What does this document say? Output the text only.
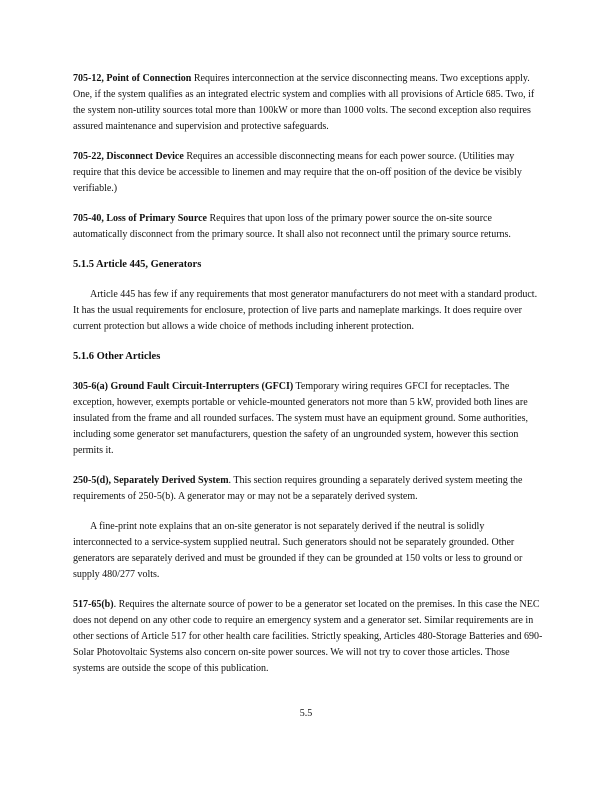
705-12, Point of Connection Requires interconnection at the service disconnecting means. Two exceptions apply. One, if the system qualifies as an integrated electric system and complies with all provisions of Article 685. Two, if the system non-utility sources total more than 100kW or more than 1000 volts. The second exception also requires assured maintenance and supervision and protective safeguards.

705-22, Disconnect Device Requires an accessible disconnecting means for each power source. (Utilities may require that this device be accessible to linemen and may require that the on-off position of the device be visibly verifiable.)

705-40, Loss of Primary Source Requires that upon loss of the primary power source the on-site source automatically disconnect from the primary source. It shall also not reconnect until the primary source returns.

5.1.5 Article 445, Generators

Article 445 has few if any requirements that most generator manufacturers do not meet with a standard product. It has the usual requirements for enclosure, protection of live parts and nameplate markings. It does require over current protection but allows a wide choice of methods including inherent protection.

5.1.6 Other Articles

305-6(a) Ground Fault Circuit-Interrupters (GFCI) Temporary wiring requires GFCI for receptacles. The exception, however, exempts portable or vehicle-mounted generators not more than 5 kW, provided both lines are insulated from the frame and all rounded surfaces. The system must have an equipment ground. Some authorities, including some generator set manufacturers, question the safety of an ungrounded system, however this section permits it.

250-5(d), Separately Derived System. This section requires grounding a separately derived system meeting the requirements of 250-5(b). A generator may or may not be a separately derived system.

A fine-print note explains that an on-site generator is not separately derived if the neutral is solidly interconnected to a service-system supplied neutral. Such generators should not be separately grounded. Other generators are separately derived and must be grounded if they can be grounded at 150 volts or less to ground or supply 480/277 volts.

517-65(b). Requires the alternate source of power to be a generator set located on the premises. In this case the NEC does not depend on any other code to require an emergency system and a generator set. Similar requirements are in other sections of Article 517 for other health care facilities. Strictly speaking, Articles 480-Storage Batteries and 690-Solar Photovoltaic Systems also concern on-site power sources. We will not try to cover those articles. Those systems are outside the scope of this publication.

5.5
